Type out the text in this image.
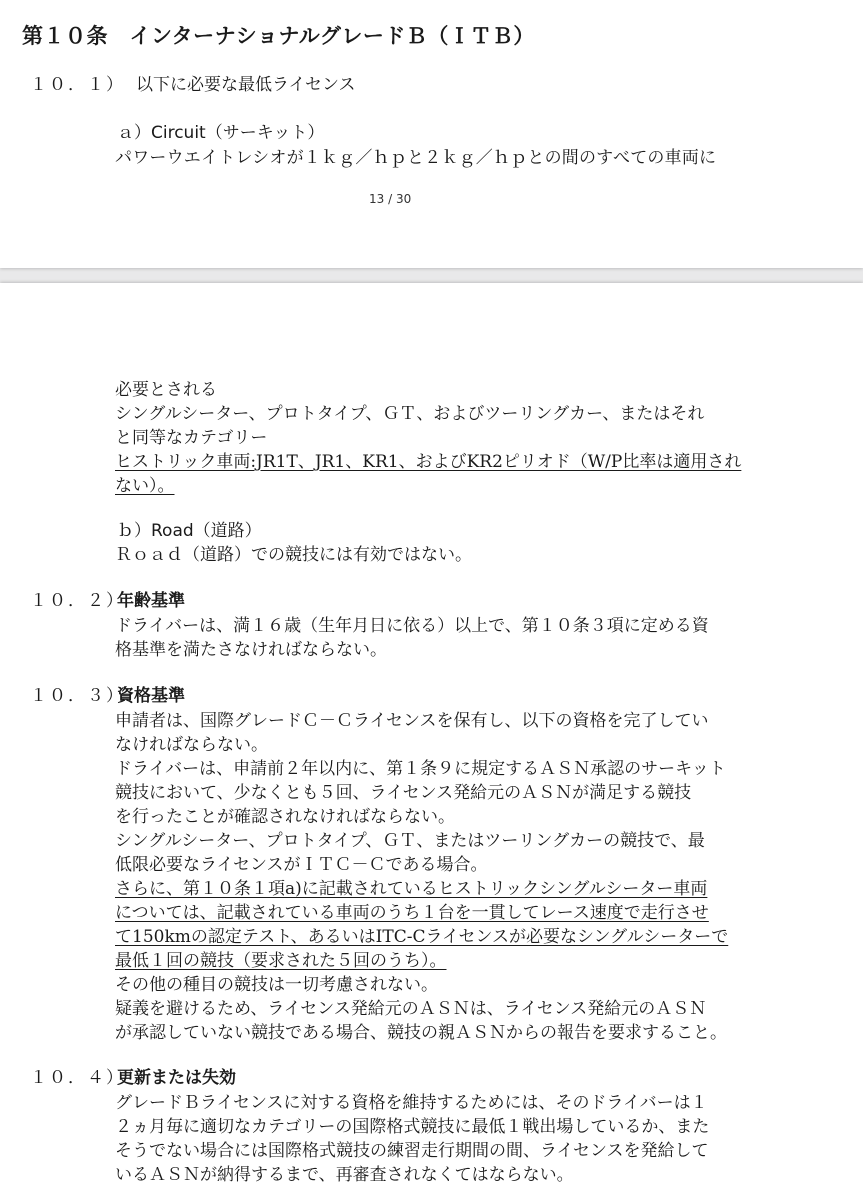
第１０条　インターナショナルグレードＢ（ＩＴＢ）
１０．１） 以下に必要な最低ライセンス
ａ）Circuit（サーキット）
パワーウエイトレシオが１ｋｇ／ｈｐと２ｋｇ／ｈｐとの間のすべての車両に
13 / 30
必要とされる
シングルシーター、プロトタイプ、ＧＴ、およびツーリングカー、またはそれ
と同等なカテゴリー
ヒストリック車両:JR1T、JR1、KR1、およびKR2ピリオド（W/P比率は適用され
ない）。
ｂ）Road（道路）
Ｒｏａｄ（道路）での競技には有効ではない。
１０．２）
年齢基準
ドライバーは、満１６歳（生年月日に依る）以上で、第１０条３項に定める資
格基準を満たさなければならない。
１０．３）
資格基準
申請者は、国際グレードＣ－Ｃライセンスを保有し、以下の資格を完了してい
なければならない。
ドライバーは、申請前２年以内に、第１条９に規定するＡＳＮ承認のサーキット
競技において、少なくとも５回、ライセンス発給元のＡＳＮが満足する競技
を行ったことが確認されなければならない。
シングルシーター、プロトタイプ、ＧＴ、またはツーリングカーの競技で、最
低限必要なライセンスがＩＴＣ－Ｃである場合。
さらに、第１０条１項a)に記載されているヒストリックシングルシーター車両
については、記載されている車両のうち１台を一貫してレース速度で走行させ
て150kmの認定テスト、あるいはITC-Cライセンスが必要なシングルシーターで
最低１回の競技（要求された５回のうち）。
その他の種目の競技は一切考慮されない。
疑義を避けるため、ライセンス発給元のＡＳＮは、ライセンス発給元のＡＳＮ
が承認していない競技である場合、競技の親ＡＳＮからの報告を要求すること。
１０．４）
更新または失効
グレードＢライセンスに対する資格を維持するためには、そのドライバーは１
２ヵ月毎に適切なカテゴリーの国際格式競技に最低１戦出場しているか、また
そうでない場合には国際格式競技の練習走行期間の間、ライセンスを発給して
いるＡＳＮが納得するまで、再審査されなくてはならない。
